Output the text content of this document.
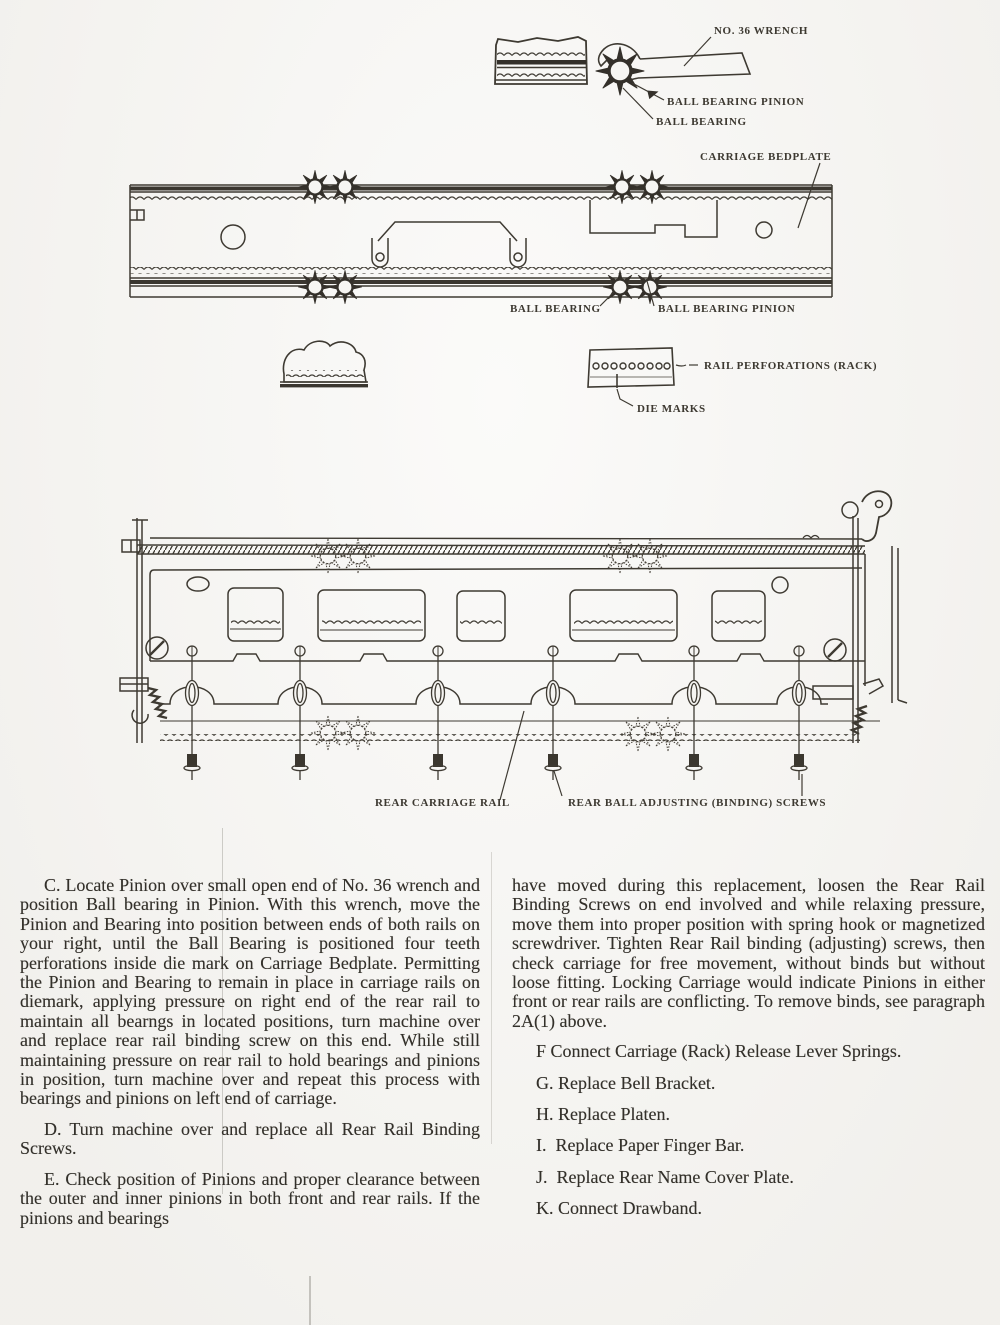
NO. 36 WRENCH
BALL BEARING PINION
BALL BEARING
CARRIAGE BEDPLATE
BALL BEARING	BALL BEARING PINION
RAIL PERFORATIONS (RACK)
DIE MARKS
REAR CARRIAGE RAIL	REAR BALL ADJUSTING (BINDING) SCREWS

C. Locate Pinion over small open end of No. 36 wrench and position Ball bearing in Pinion. With this wrench, move the Pinion and Bearing into position between ends of both rails on your right, until the Ball Bearing is positioned four teeth perforations inside die mark on Carriage Bedplate. Permitting the Pinion and Bearing to remain in place in carriage rails on diemark, applying pressure on right end of the rear rail to maintain all bearngs in located positions, turn machine over and replace rear rail binding screw on this end. While still maintaining pressure on rear rail to hold bearings and pinions in position, turn machine over and repeat this process with bearings and pinions on left end of carriage.

D. Turn machine over and replace all Rear Rail Binding Screws.

E. Check position of Pinions and proper clearance between the outer and inner pinions in both front and rear rails. If the pinions and bearings

have moved during this replacement, loosen the Rear Rail Binding Screws on end involved and while relaxing pressure, move them into proper position with spring hook or magnetized screwdriver. Tighten Rear Rail binding (adjusting) screws, then check carriage for free movement, without binds but without loose fitting. Locking Carriage would indicate Pinions in either front or rear rails are conflicting. To remove binds, see paragraph 2A(1) above.

F Connect Carriage (Rack) Release Lever Springs.

G. Replace Bell Bracket.

H. Replace Platen.

I.  Replace Paper Finger Bar.

J.  Replace Rear Name Cover Plate.

K. Connect Drawband.
